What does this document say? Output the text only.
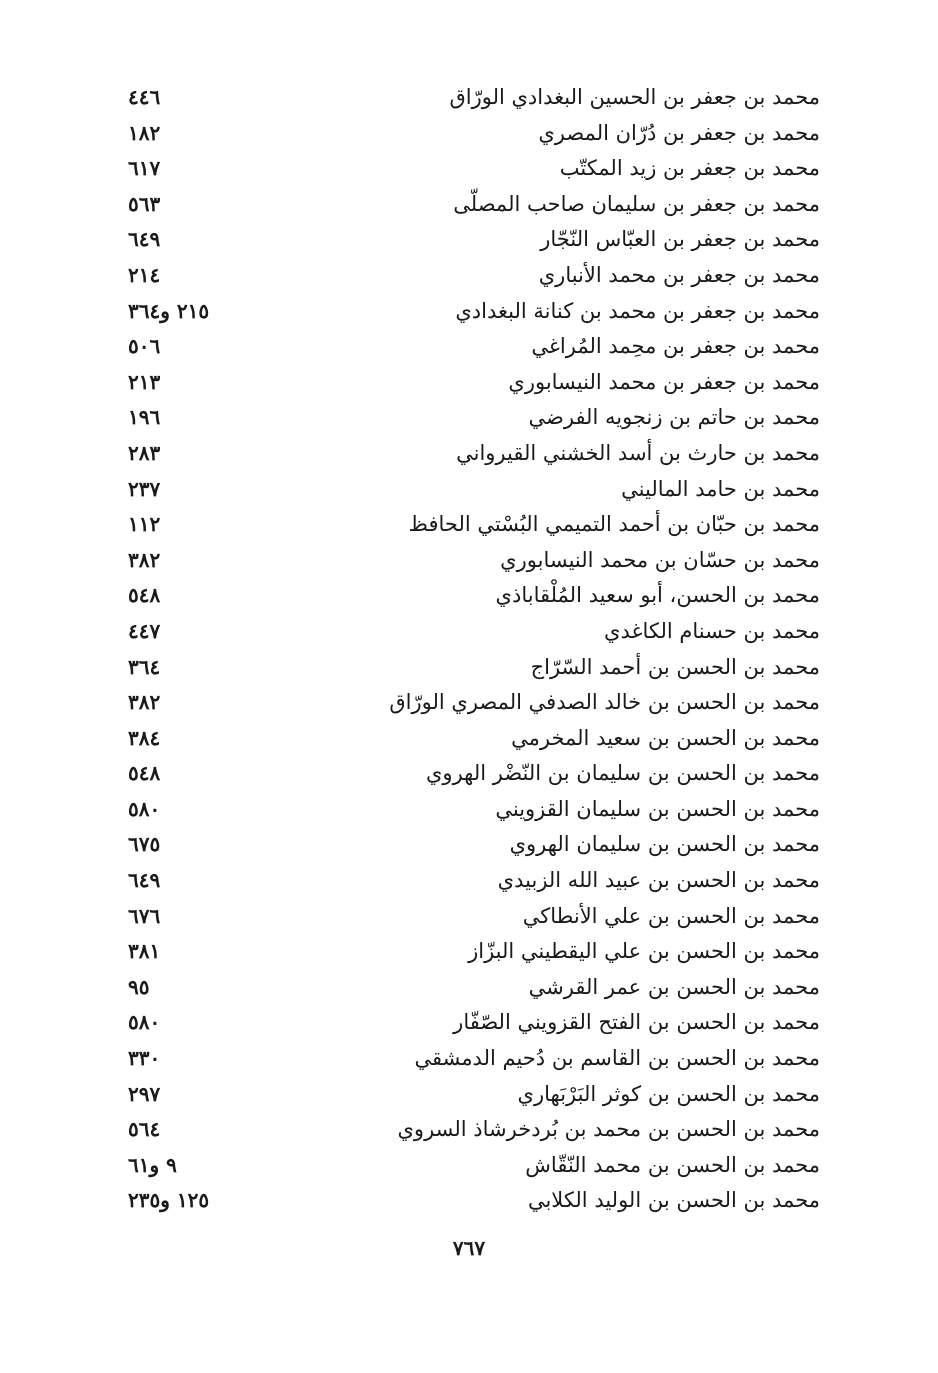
محمد بن جعفر بن الحسين البغدادي الورّاق
٤٤٦
محمد بن جعفر بن دُرّان المصري
١٨٢
محمد بن جعفر بن زيد المكتّب
٦١٧
محمد بن جعفر بن سليمان صاحب المصلّى
٥٦٣
محمد بن جعفر بن العبّاس النّجّار
٦٤٩
محمد بن جعفر بن محمد الأنباري
٢١٤
محمد بن جعفر بن محمد بن كنانة البغدادي
٢١٥ و٣٦٤
محمد بن جعفر بن محِمد المُراغي
٥٠٦
محمد بن جعفر بن محمد النيسابوري
٢١٣
محمد بن حاتم بن زنجويه الفرضي
١٩٦
محمد بن حارث بن أسد الخشني القيرواني
٢٨٣
محمد بن حامد الماليني
٢٣٧
محمد بن حبّان بن أحمد التميمي البُسْتي الحافظ
١١٢
محمد بن حسّان بن محمد النيسابوري
٣٨٢
محمد بن الحسن، أبو سعيد المُلْقاباذي
٥٤٨
محمد بن حسنام الكاغدي
٤٤٧
محمد بن الحسن بن أحمد السّرّاج
٣٦٤
محمد بن الحسن بن خالد الصدفي المصري الورّاق
٣٨٢
محمد بن الحسن بن سعيد المخرمي
٣٨٤
محمد بن الحسن بن سليمان بن النّضْر الهروي
٥٤٨
محمد بن الحسن بن سليمان القزويني
٥٨٠
محمد بن الحسن بن سليمان الهروي
٦٧٥
محمد بن الحسن بن عبيد الله الزبيدي
٦٤٩
محمد بن الحسن بن علي الأنطاكي
٦٧٦
محمد بن الحسن بن علي اليقطيني البزّاز
٣٨١
محمد بن الحسن بن عمر القرشي
٩٥
محمد بن الحسن بن الفتح القزويني الصّفّار
٥٨٠
محمد بن الحسن بن القاسم بن دُحيم الدمشقي
٣٣٠
محمد بن الحسن بن كوثر البَرْبَهاري
٢٩٧
محمد بن الحسن بن محمد بن بُردخرشاذ السروي
٥٦٤
محمد بن الحسن بن محمد النّقّاش
٩ و٦١
محمد بن الحسن بن الوليد الكلابي
١٢٥ و٢٣٥
٧٦٧
